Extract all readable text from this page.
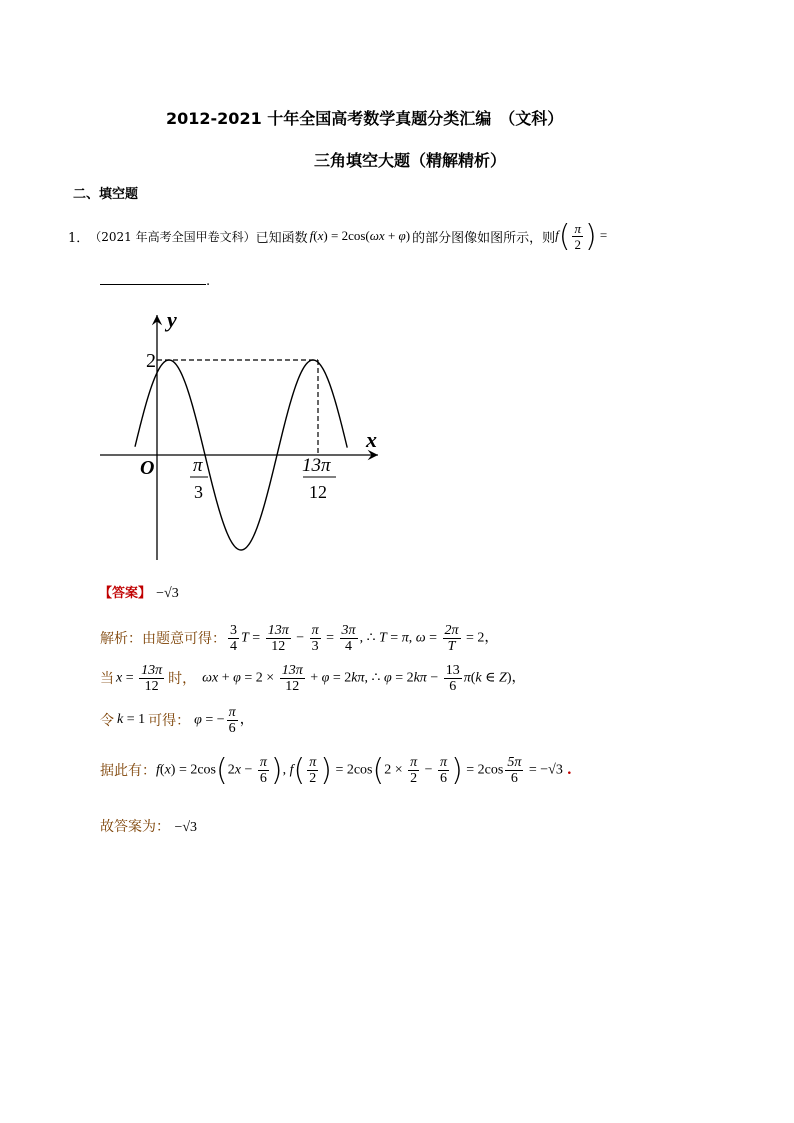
2012-2021 十年全国高考数学真题分类汇编　（文科）
三角填空大题（精解精析）
二、填空题
1． （2021 年高考全国甲卷文科） 已知函数 f(x) = 2cos(ωx + φ) 的部分图像如图所示，则 $f( \frac{\pi}{2}$ ) =
.
y
x
O
2
π
3
13π
12
【答案】 −√3
解析：由题意可得： $\frac{3}{4}$ $T = \frac{13\pi}{12} - \frac{\pi}{3} = \frac{3\pi}{4}$ , ∴ T = π, $\omega = \frac{2\pi}{T} = 2$，
当 $x = \frac{13\pi}{12}$ 时， $\omega x + \varphi = 2 \times \frac{13\pi}{12} + \varphi = 2k\pi$, ∴ $\varphi = 2k\pi - \frac{13}{6} \pi(k$ ∈ Z)，
令 k = 1 可得： φ = − $\frac{\pi}{6}$ ，
据此有： $f(x) = 2\cos(2x - \frac{\pi}{6}$ ), $f( \frac{\pi}{2}$ ) = $2\cos(2 \times \frac{\pi}{2} - \frac{\pi}{6}$ ) = $2\cos \frac{5\pi}{6} = -√3$ .
故答案为： −√3
